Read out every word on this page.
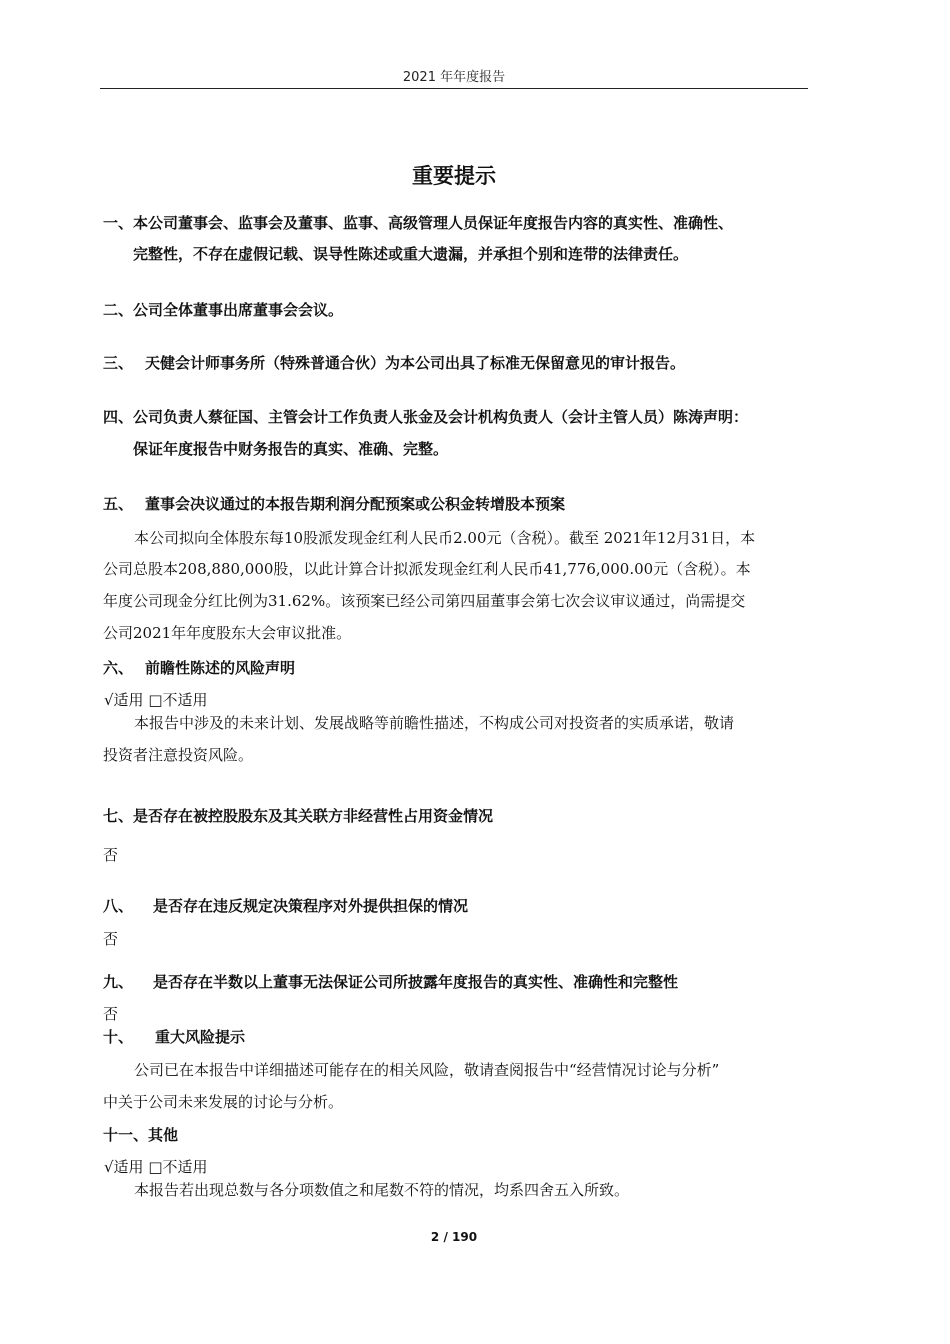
2021 年年度报告
重要提示
一、本公司董事会、监事会及董事、监事、高级管理人员保证年度报告内容的真实性、准确性、
完整性，不存在虚假记载、误导性陈述或重大遗漏，并承担个别和连带的法律责任。
二、公司全体董事出席董事会会议。
三、 天健会计师事务所（特殊普通合伙）为本公司出具了标准无保留意见的审计报告。
四、公司负责人蔡征国、主管会计工作负责人张金及会计机构负责人（会计主管人员）陈涛声明：
保证年度报告中财务报告的真实、准确、完整。
五、 董事会决议通过的本报告期利润分配预案或公积金转增股本预案
本公司拟向全体股东每10股派发现金红利人民币2.00元（含税）。截至 2021年12月31日，本
公司总股本208,880,000股，以此计算合计拟派发现金红利人民币41,776,000.00元（含税）。本
年度公司现金分红比例为31.62%。该预案已经公司第四届董事会第七次会议审议通过，尚需提交
公司2021年年度股东大会审议批准。
六、 前瞻性陈述的风险声明
√适用 □不适用
本报告中涉及的未来计划、发展战略等前瞻性描述，不构成公司对投资者的实质承诺，敬请
投资者注意投资风险。
七、是否存在被控股股东及其关联方非经营性占用资金情况
否
八、 是否存在违反规定决策程序对外提供担保的情况
否
九、 是否存在半数以上董事无法保证公司所披露年度报告的真实性、准确性和完整性
否
十、 重大风险提示
公司已在本报告中详细描述可能存在的相关风险，敬请查阅报告中“经营情况讨论与分析”
中关于公司未来发展的讨论与分析。
十一、其他
√适用 □不适用
本报告若出现总数与各分项数值之和尾数不符的情况，均系四舍五入所致。
2 / 190
